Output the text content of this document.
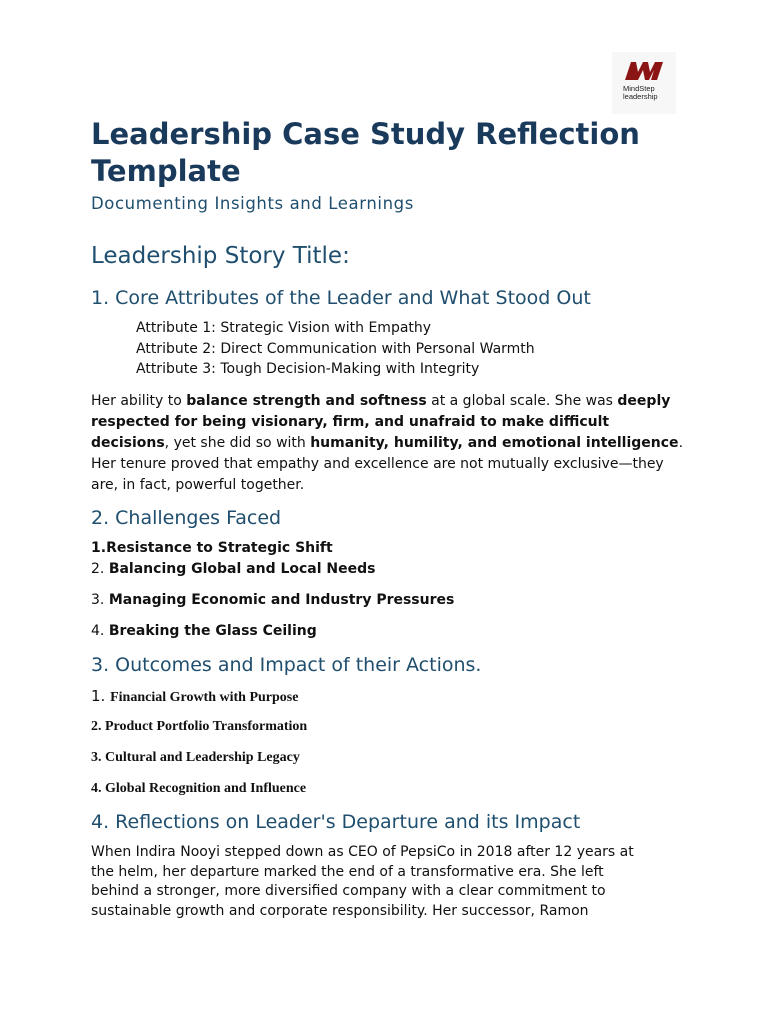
MindStep
leadership
Leadership Case Study Reflection Template
Documenting Insights and Learnings
Leadership Story Title:
1. Core Attributes of the Leader and What Stood Out
Attribute 1: Strategic Vision with Empathy
Attribute 2: Direct Communication with Personal Warmth
Attribute 3: Tough Decision-Making with Integrity
Her ability to balance strength and softness at a global scale. She was deeply respected for being visionary, firm, and unafraid to make difficult decisions, yet she did so with humanity, humility, and emotional intelligence. Her tenure proved that empathy and excellence are not mutually exclusive—they are, in fact, powerful together.
2. Challenges Faced
1.Resistance to Strategic Shift
2. Balancing Global and Local Needs
3. Managing Economic and Industry Pressures
4. Breaking the Glass Ceiling
3. Outcomes and Impact of their Actions.
1. Financial Growth with Purpose
2. Product Portfolio Transformation
3. Cultural and Leadership Legacy
4. Global Recognition and Influence
4. Reflections on Leader's Departure and its Impact
When Indira Nooyi stepped down as CEO of PepsiCo in 2018 after 12 years at
the helm, her departure marked the end of a transformative era. She left
behind a stronger, more diversified company with a clear commitment to
sustainable growth and corporate responsibility. Her successor, Ramon
